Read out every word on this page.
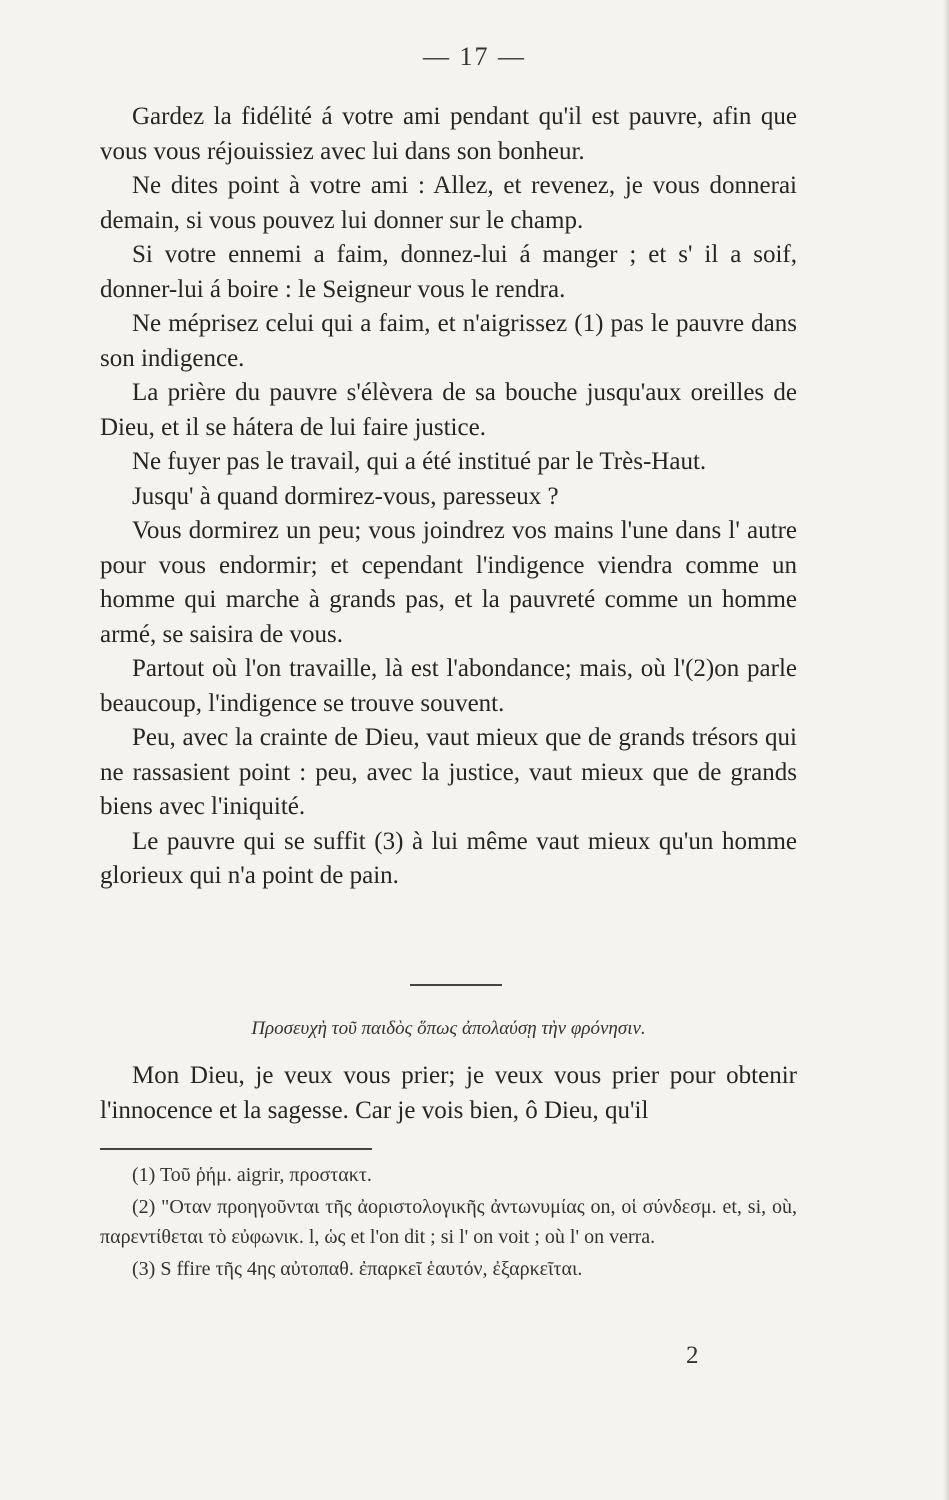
— 17 —

Gardez la fidélité á votre ami pendant qu'il est pauvre, afin que vous vous réjouissiez avec lui dans son bonheur.

Ne dites point à votre ami : Allez, et revenez, je vous donnerai demain, si vous pouvez lui donner sur le champ.

Si votre ennemi a faim, donnez-lui á manger ; et s' il a soif, donner-lui á boire : le Seigneur vous le rendra.

Ne méprisez celui qui a faim, et n'aigrissez (1) pas le pauvre dans son indigence.

La prière du pauvre s'élèvera de sa bouche jusqu'aux oreilles de Dieu, et il se hátera de lui faire justice.

Ne fuyer pas le travail, qui a été institué par le Très-Haut.

Jusqu' à quand dormirez-vous, paresseux ?

Vous dormirez un peu; vous joindrez vos mains l'une dans l' autre pour vous endormir; et cependant l'indigence viendra comme un homme qui marche à grands pas, et la pauvreté comme un homme armé, se saisira de vous.

Partout où l'on travaille, là est l'abondance; mais, où l'(2)on parle beaucoup, l'indigence se trouve souvent.

Peu, avec la crainte de Dieu, vaut mieux que de grands trésors qui ne rassasient point : peu, avec la justice, vaut mieux que de grands biens avec l'iniquité.

Le pauvre qui se suffit (3) à lui même vaut mieux qu'un homme glorieux qui n'a point de pain.

Προσευχὴ τοῦ παιδὸς ὅπως ἀπολαύσῃ τὴν φρόνησιν.

Mon Dieu, je veux vous prier; je veux vous prier pour obtenir l'innocence et la sagesse. Car je vois bien, ô Dieu, qu'il

(1) Τοῦ ῥήμ. aigrir, προστακτ.

(2) "Οταν προηγοῦνται τῆς ἀοριστολογικῆς ἀντωνυμίας on, οἱ σύνδεσμ. et, si, où, παρεντίθεται τὸ εὐφωνικ. l, ὡς et l'on dit ; si l' on voit ; où l' on verra.

(3) S ffire τῆς 4ης αὐτοπαθ. ἐπαρκεῖ ἑαυτόν, ἐξαρκεῖται.

2
